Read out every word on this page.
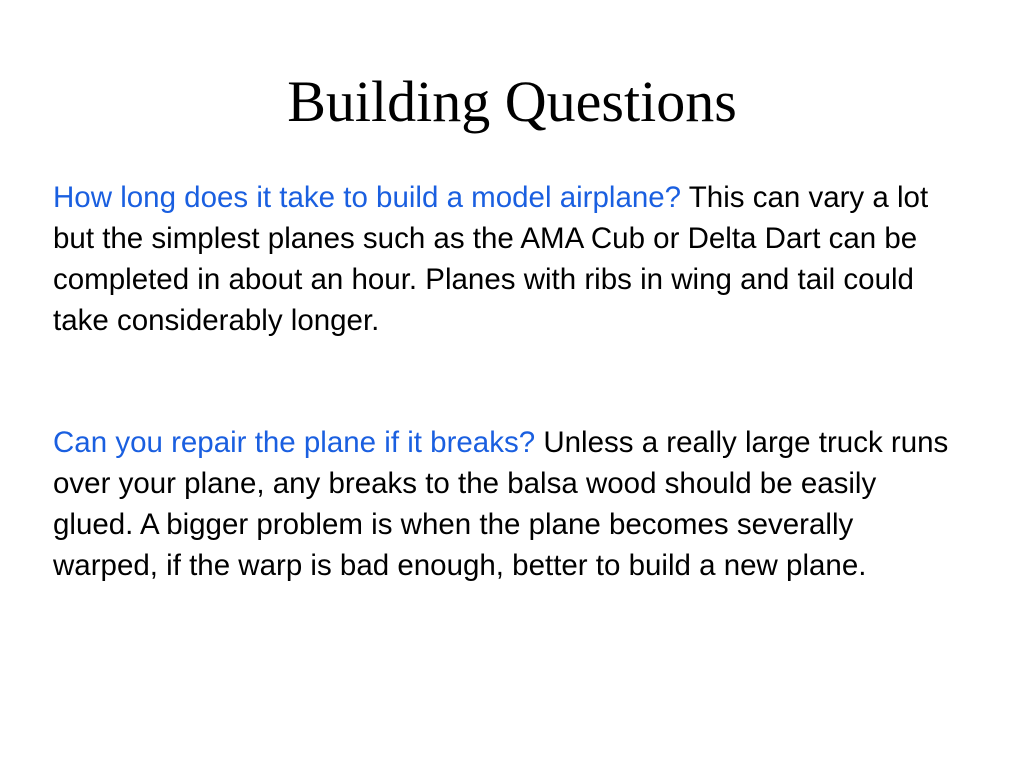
Building Questions

How long does it take to build a model airplane? This can vary a lot but the simplest planes such as the AMA Cub or Delta Dart can be completed in about an hour. Planes with ribs in wing and tail could take considerably longer.

Can you repair the plane if it breaks? Unless a really large truck runs over your plane, any breaks to the balsa wood should be easily glued. A bigger problem is when the plane becomes severally warped, if the warp is bad enough, better to build a new plane.
